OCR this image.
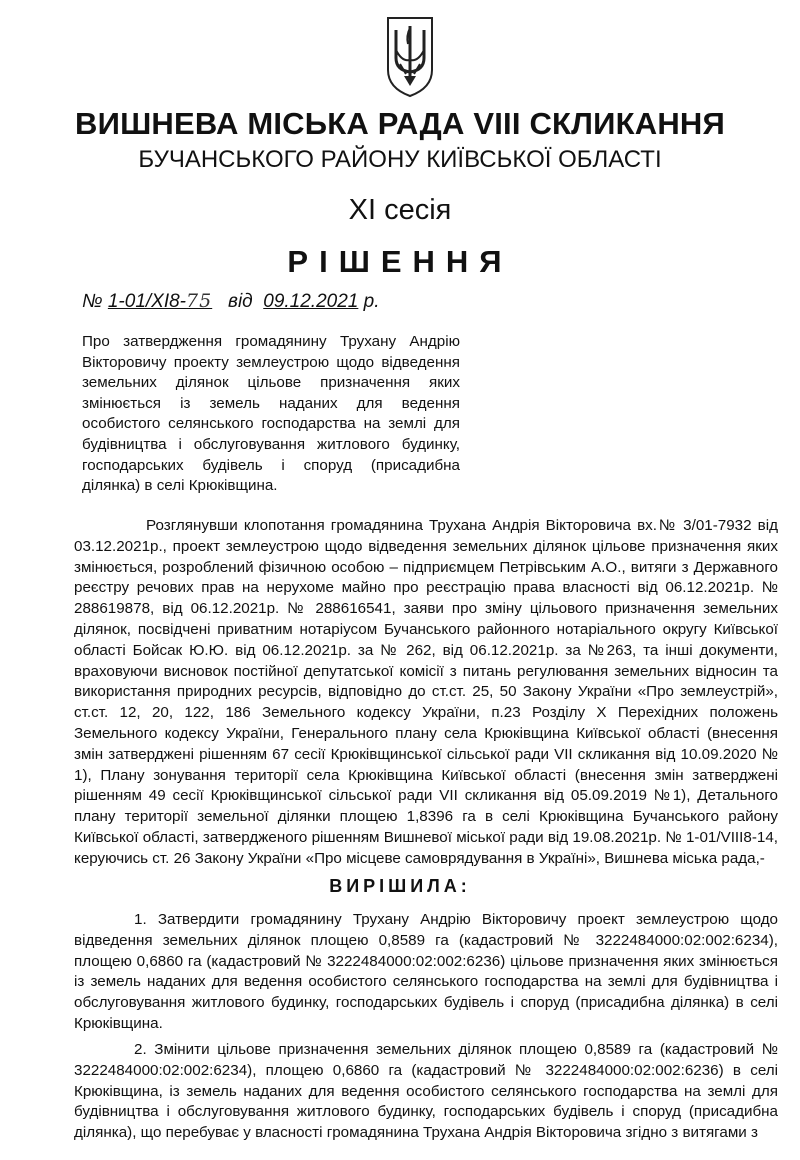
ВИШНЕВА МІСЬКА РАДА VIII СКЛИКАННЯ
БУЧАНСЬКОГО РАЙОНУ КИЇВСЬКОЇ ОБЛАСТІ
XI сесія
РІШЕННЯ
№ 1-01/XI8-75 від 09.12.2021 р.
Про затвердження громадянину Трухану Андрію Вікторовичу проекту землеустрою щодо відведення земельних ділянок цільове призначення яких змінюється із земель наданих для ведення особистого селянського господарства на землі для будівництва і обслуговування житлового будинку, господарських будівель і споруд (присадибна ділянка) в селі Крюківщина.
Розглянувши клопотання громадянина Трухана Андрія Вікторовича вх.№ 3/01-7932 від 03.12.2021р., проект землеустрою щодо відведення земельних ділянок цільове призначення яких змінюється, розроблений фізичною особою – підприємцем Петрівським А.О., витяги з Державного реєстру речових прав на нерухоме майно про реєстрацію права власності від 06.12.2021р. № 288619878, від 06.12.2021р. № 288616541, заяви про зміну цільового призначення земельних ділянок, посвідчені приватним нотаріусом Бучанського районного нотаріального округу Київської області Бойсак Ю.Ю. від 06.12.2021р. за № 262, від 06.12.2021р. за №263, та інші документи, враховуючи висновок постійної депутатської комісії з питань регулювання земельних відносин та використання природних ресурсів, відповідно до ст.ст. 25, 50 Закону України «Про землеустрій», ст.ст. 12, 20, 122, 186 Земельного кодексу України, п.23 Розділу Х Перехідних положень Земельного кодексу України, Генерального плану села Крюківщина Київської області (внесення змін затверджені рішенням 67 сесії Крюківщинської сільської ради VII скликання від 10.09.2020 № 1), Плану зонування території села Крюківщина Київської області (внесення змін затверджені рішенням 49 сесії Крюківщинської сільської ради VII скликання від 05.09.2019 №1), Детального плану території земельної ділянки площею 1,8396 га в селі Крюківщина Бучанського району Київської області, затвердженого рішенням Вишневої міської ради від 19.08.2021р. № 1-01/VIII8-14, керуючись ст. 26 Закону України «Про місцеве самоврядування в Україні», Вишнева міська рада,-
ВИРІШИЛА:
1. Затвердити громадянину Трухану Андрію Вікторовичу проект землеустрою щодо відведення земельних ділянок площею 0,8589 га (кадастровий № 3222484000:02:002:6234), площею 0,6860 га (кадастровий № 3222484000:02:002:6236) цільове призначення яких змінюється із земель наданих для ведення особистого селянського господарства на землі для будівництва і обслуговування житлового будинку, господарських будівель і споруд (присадибна ділянка) в селі Крюківщина.
2. Змінити цільове призначення земельних ділянок площею 0,8589 га (кадастровий № 3222484000:02:002:6234), площею 0,6860 га (кадастровий № 3222484000:02:002:6236) в селі Крюківщина, із земель наданих для ведення особистого селянського господарства на землі для будівництва і обслуговування житлового будинку, господарських будівель і споруд (присадибна ділянка), що перебуває у власності громадянина Трухана Андрія Вікторовича згідно з витягами з
